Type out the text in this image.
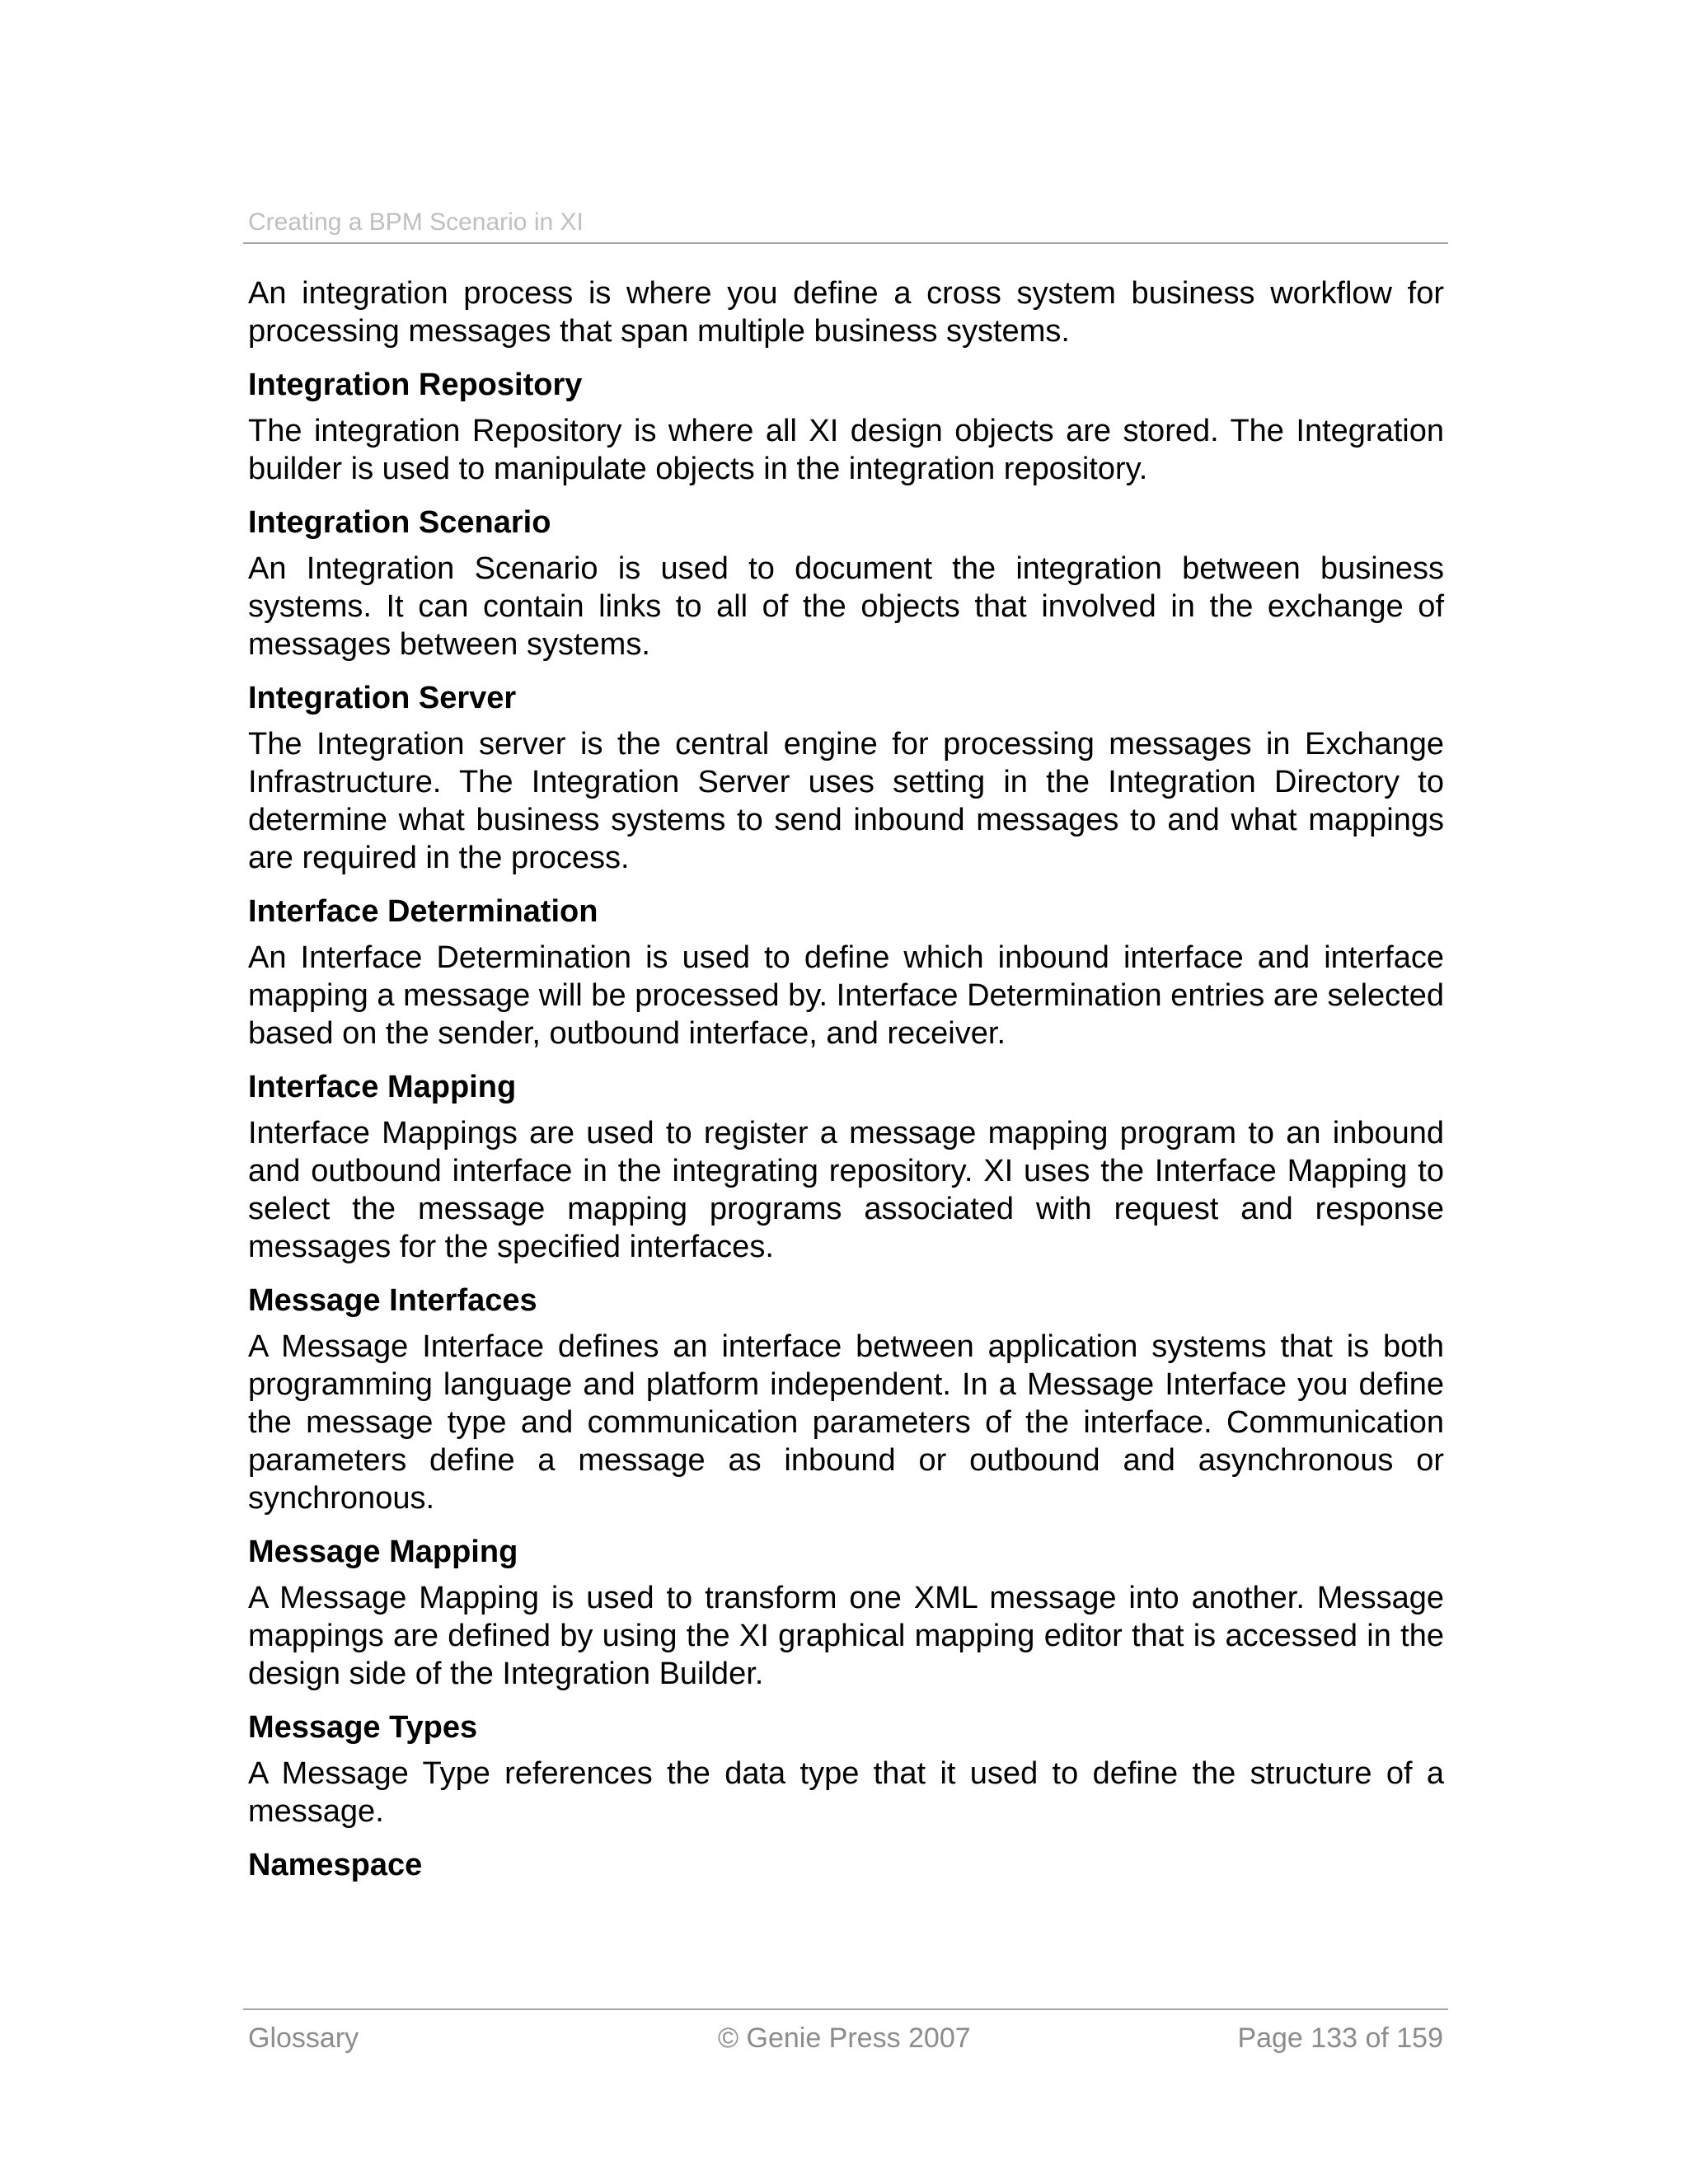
Creating a BPM Scenario in XI

An integration process is where you define a cross system business workflow for processing messages that span multiple business systems.

Integration Repository

The integration Repository is where all XI design objects are stored. The Integration builder is used to manipulate objects in the integration repository.

Integration Scenario

An Integration Scenario is used to document the integration between business systems. It can contain links to all of the objects that involved in the exchange of messages between systems.

Integration Server

The Integration server is the central engine for processing messages in Exchange Infrastructure. The Integration Server uses setting in the Integration Directory to determine what business systems to send inbound messages to and what mappings are required in the process.

Interface Determination

An Interface Determination is used to define which inbound interface and interface mapping a message will be processed by. Interface Determination entries are selected based on the sender, outbound interface, and receiver.

Interface Mapping

Interface Mappings are used to register a message mapping program to an inbound and outbound interface in the integrating repository. XI uses the Interface Mapping to select the message mapping programs associated with request and response messages for the specified interfaces.

Message Interfaces

A Message Interface defines an interface between application systems that is both programming language and platform independent. In a Message Interface you define the message type and communication parameters of the interface. Communication parameters define a message as inbound or outbound and asynchronous or synchronous.

Message Mapping

A Message Mapping is used to transform one XML message into another. Message mappings are defined by using the XI graphical mapping editor that is accessed in the design side of the Integration Builder.

Message Types

A Message Type references the data type that it used to define the structure of a message.

Namespace
Glossary	© Genie Press 2007	Page 133 of 159
